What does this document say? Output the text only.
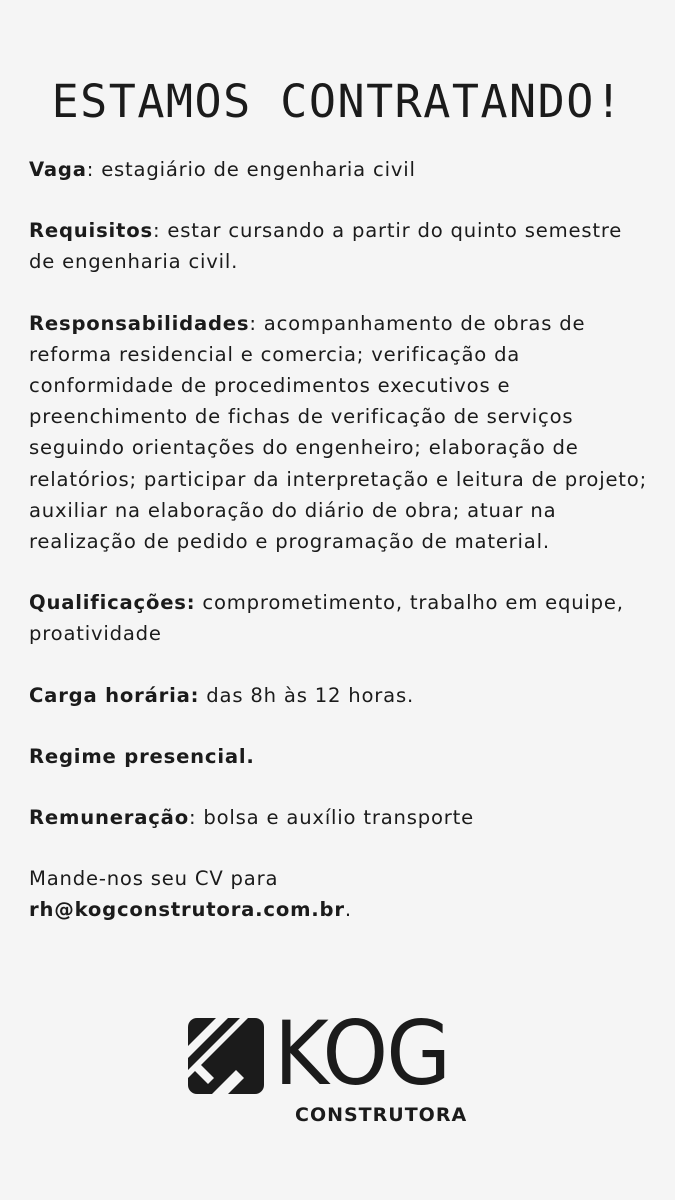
ESTAMOS CONTRATANDO!

Vaga: estagiário de engenharia civil

Requisitos: estar cursando a partir do quinto semestre de engenharia civil.

Responsabilidades: acompanhamento de obras de reforma residencial e comercia; verificação da conformidade de procedimentos executivos e preenchimento de fichas de verificação de serviços seguindo orientações do engenheiro; elaboração de relatórios; participar da interpretação e leitura de projeto; auxiliar na elaboração do diário de obra; atuar na realização de pedido e programação de material.

Qualificações: comprometimento, trabalho em equipe, proatividade

Carga horária: das 8h às 12 horas.

Regime presencial.

Remuneração: bolsa e auxílio transporte

Mande-nos seu CV para
rh@kogconstrutora.com.br.

KOG
CONSTRUTORA
